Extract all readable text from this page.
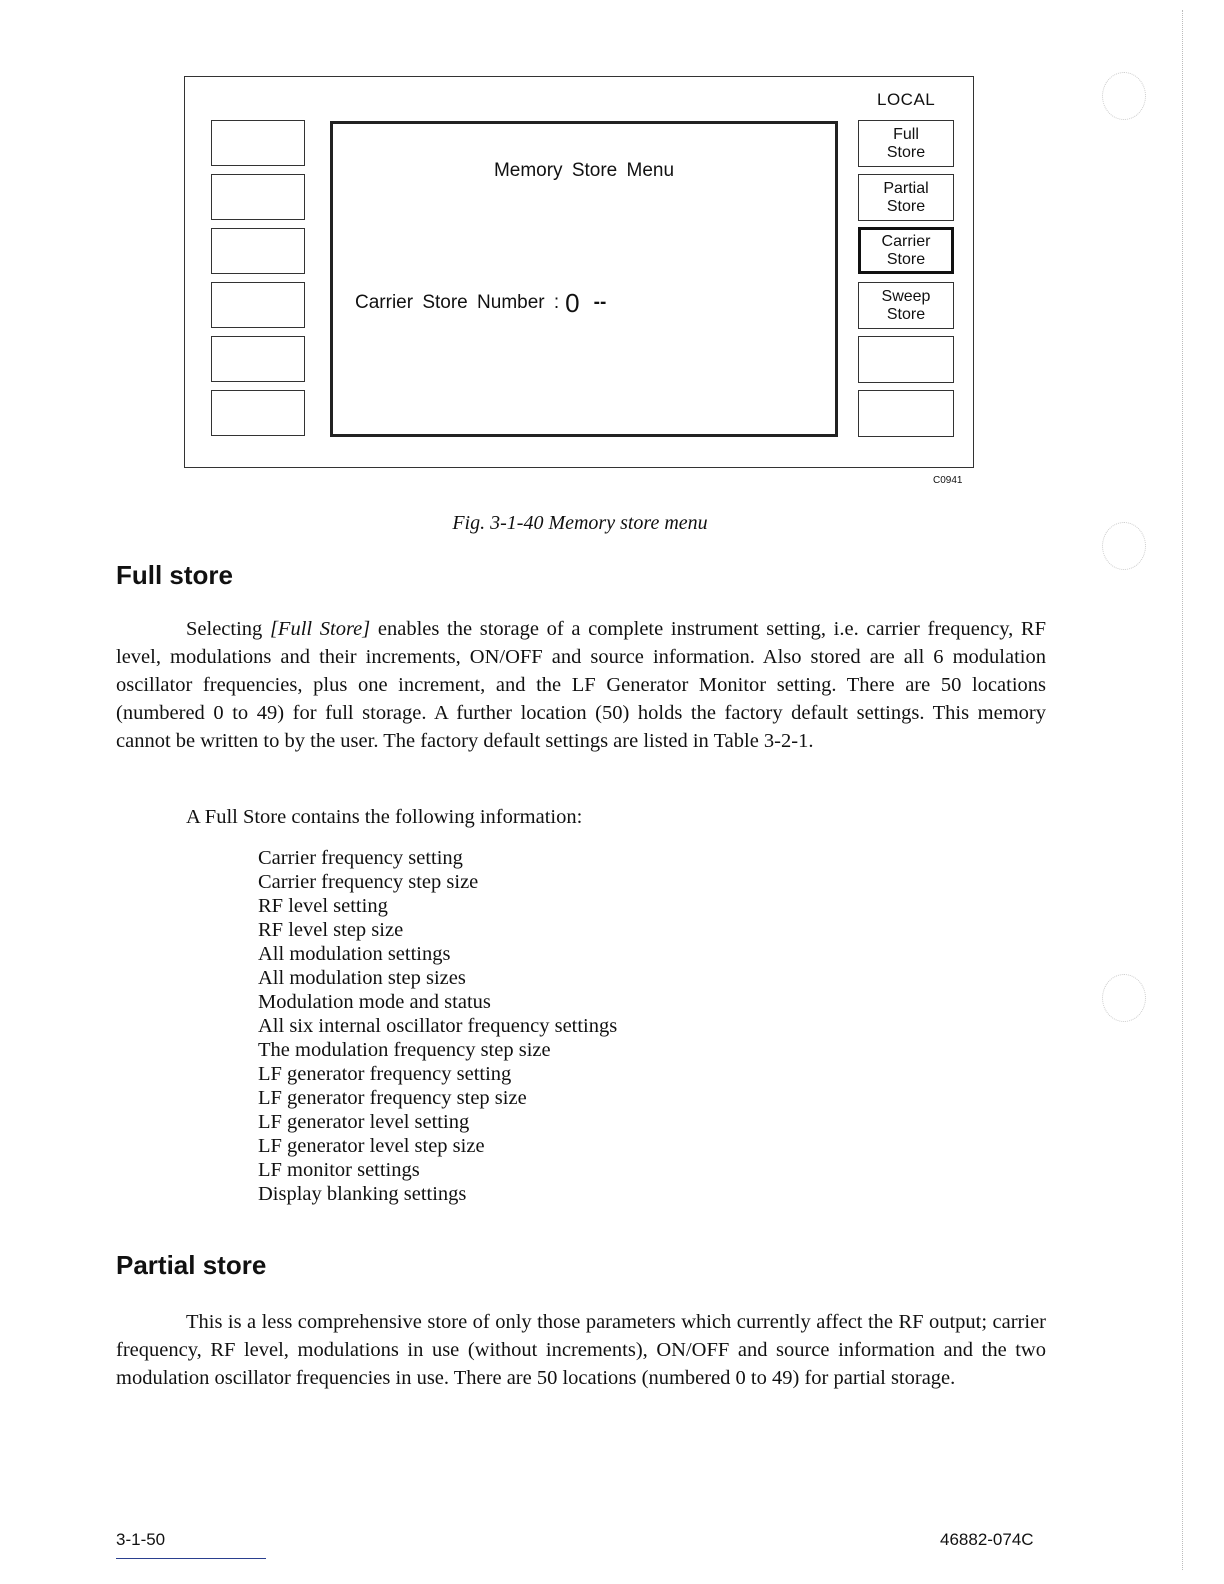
Memory Store Menu
Carrier Store Number : 0 --
LOCAL
Full
Store
Partial
Store
Carrier
Store
Sweep
Store
C0941
Fig. 3-1-40 Memory store menu
Full store

Selecting [Full Store] enables the storage of a complete instrument setting, i.e. carrier frequency, RF level, modulations and their increments, ON/OFF and source information. Also stored are all 6 modulation oscillator frequencies, plus one increment, and the LF Generator Monitor setting. There are 50 locations (numbered 0 to 49) for full storage. A further location (50) holds the factory default settings. This memory cannot be written to by the user. The factory default settings are listed in Table 3-2-1.

A Full Store contains the following information:

Carrier frequency setting
Carrier frequency step size
RF level setting
RF level step size
All modulation settings
All modulation step sizes
Modulation mode and status
All six internal oscillator frequency settings
The modulation frequency step size
LF generator frequency setting
LF generator frequency step size
LF generator level setting
LF generator level step size
LF monitor settings
Display blanking settings
Partial store

This is a less comprehensive store of only those parameters which currently affect the RF output; carrier frequency, RF level, modulations in use (without increments), ON/OFF and source information and the two modulation oscillator frequencies in use. There are 50 locations (numbered 0 to 49) for partial storage.

3-1-50	46882-074C
